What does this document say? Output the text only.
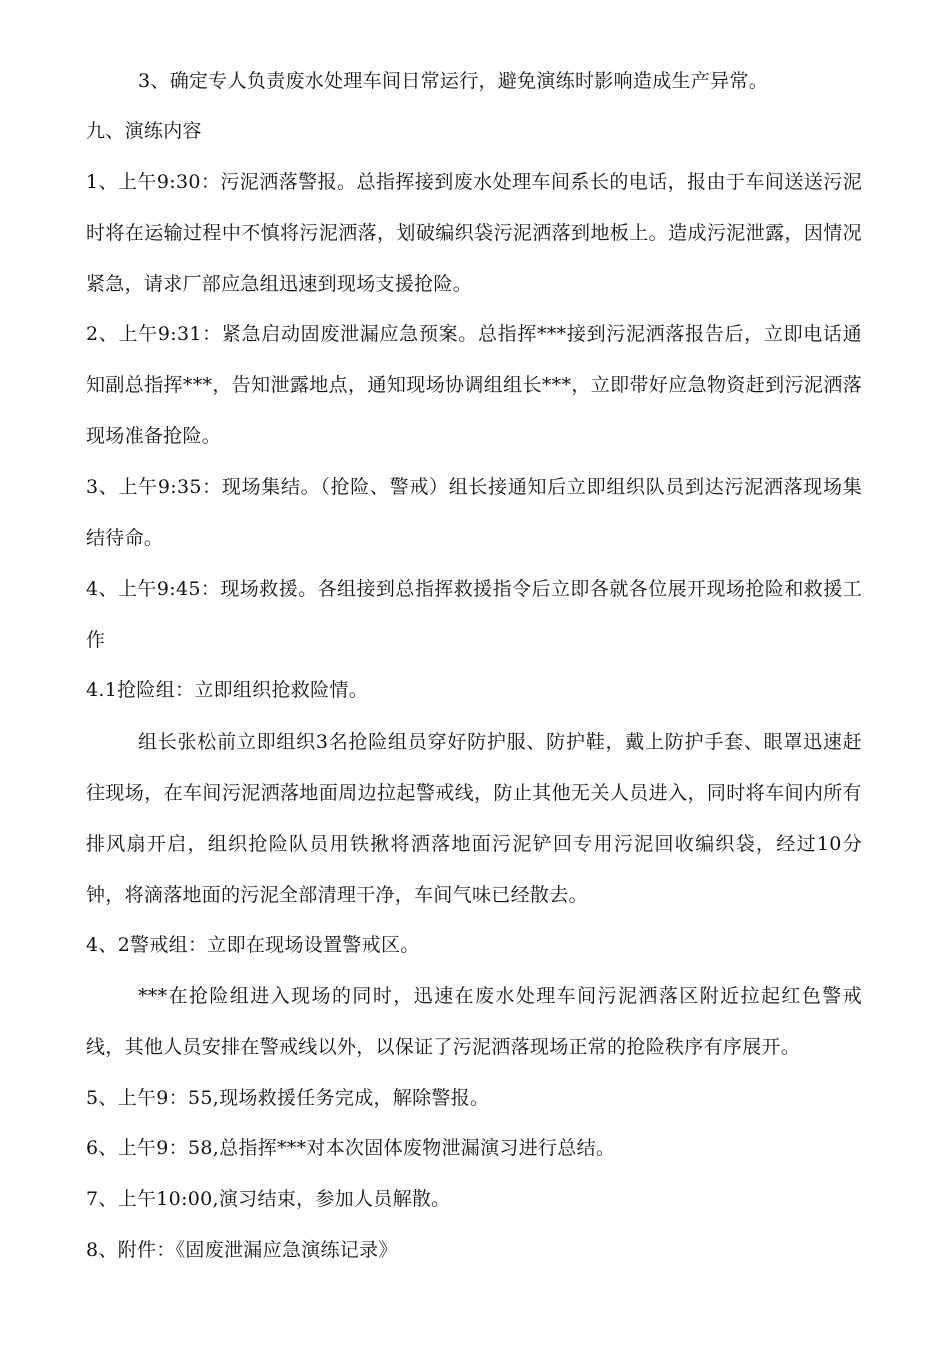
3、确定专人负责废水处理车间日常运行，避免演练时影响造成生产异常。
九、演练内容
1、上午9:30：污泥洒落警报。总指挥接到废水处理车间系长的电话，报由于车间送送污泥时将在运输过程中不慎将污泥洒落，划破编织袋污泥洒落到地板上。造成污泥泄露，因情况紧急，请求厂部应急组迅速到现场支援抢险。
2、上午9:31：紧急启动固废泄漏应急预案。总指挥***接到污泥洒落报告后，立即电话通知副总指挥***，告知泄露地点，通知现场协调组组长***，立即带好应急物资赶到污泥洒落现场准备抢险。
3、上午9:35：现场集结。（抢险、警戒）组长接通知后立即组织队员到达污泥洒落现场集结待命。
4、上午9:45：现场救援。各组接到总指挥救援指令后立即各就各位展开现场抢险和救援工作
4.1抢险组：立即组织抢救险情。
组长张松前立即组织3名抢险组员穿好防护服、防护鞋，戴上防护手套、眼罩迅速赶往现场，在车间污泥洒落地面周边拉起警戒线，防止其他无关人员进入，同时将车间内所有排风扇开启，组织抢险队员用铁揪将洒落地面污泥铲回专用污泥回收编织袋，经过10分钟，将滴落地面的污泥全部清理干净，车间气味已经散去。
4、2警戒组：立即在现场设置警戒区。
***在抢险组进入现场的同时，迅速在废水处理车间污泥洒落区附近拉起红色警戒线，其他人员安排在警戒线以外，以保证了污泥洒落现场正常的抢险秩序有序展开。
5、上午9：55,现场救援任务完成，解除警报。
6、上午9：58,总指挥***对本次固体废物泄漏演习进行总结。
7、上午10:00,演习结束，参加人员解散。
8、附件：《固废泄漏应急演练记录》
